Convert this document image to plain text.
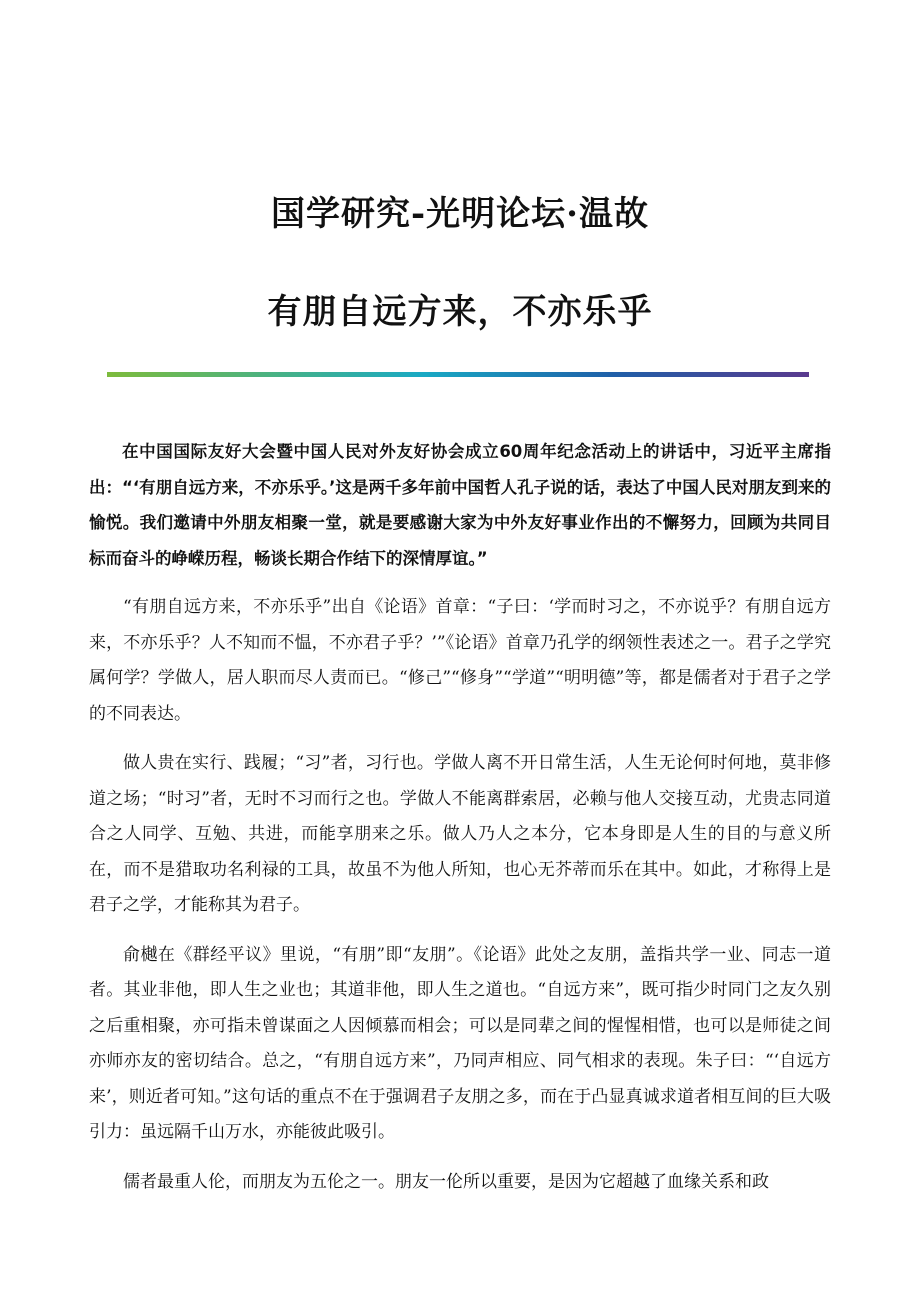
国学研究-光明论坛·温故
有朋自远方来，不亦乐乎

在中国国际友好大会暨中国人民对外友好协会成立60周年纪念活动上的讲话中，习近平主席指出：“‘有朋自远方来，不亦乐乎。’这是两千多年前中国哲人孔子说的话，表达了中国人民对朋友到来的愉悦。我们邀请中外朋友相聚一堂，就是要感谢大家为中外友好事业作出的不懈努力，回顾为共同目标而奋斗的峥嵘历程，畅谈长期合作结下的深情厚谊。”

“有朋自远方来，不亦乐乎”出自《论语》首章：“子曰：‘学而时习之，不亦说乎？有朋自远方来，不亦乐乎？人不知而不愠，不亦君子乎？’”《论语》首章乃孔学的纲领性表述之一。君子之学究属何学？学做人，居人职而尽人责而已。“修己”“修身”“学道”“明明德”等，都是儒者对于君子之学的不同表达。

做人贵在实行、践履；“习”者，习行也。学做人离不开日常生活，人生无论何时何地，莫非修道之场；“时习”者，无时不习而行之也。学做人不能离群索居，必赖与他人交接互动，尤贵志同道合之人同学、互勉、共进，而能享朋来之乐。做人乃人之本分，它本身即是人生的目的与意义所在，而不是猎取功名利禄的工具，故虽不为他人所知，也心无芥蒂而乐在其中。如此，才称得上是君子之学，才能称其为君子。

俞樾在《群经平议》里说，“有朋”即“友朋”。《论语》此处之友朋，盖指共学一业、同志一道者。其业非他，即人生之业也；其道非他，即人生之道也。“自远方来”，既可指少时同门之友久别之后重相聚，亦可指未曾谋面之人因倾慕而相会；可以是同辈之间的惺惺相惜，也可以是师徒之间亦师亦友的密切结合。总之，“有朋自远方来”，乃同声相应、同气相求的表现。朱子曰：“‘自远方来’，则近者可知。”这句话的重点不在于强调君子友朋之多，而在于凸显真诚求道者相互间的巨大吸引力：虽远隔千山万水，亦能彼此吸引。

儒者最重人伦，而朋友为五伦之一。朋友一伦所以重要，是因为它超越了血缘关系和政
